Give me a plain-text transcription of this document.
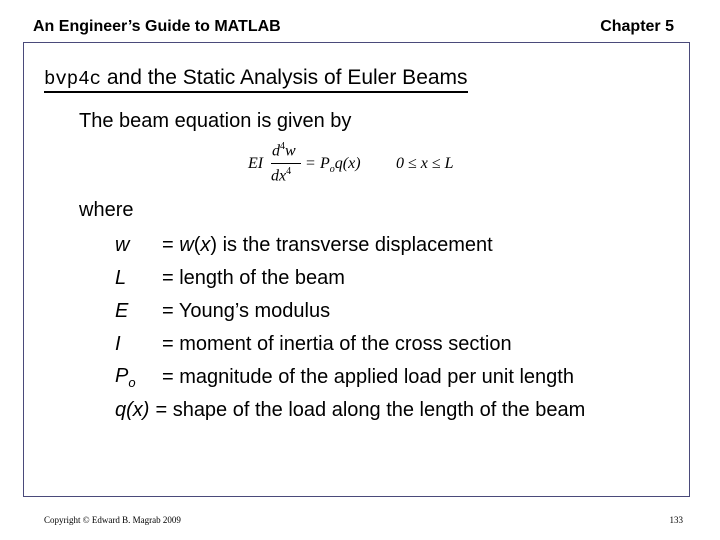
An Engineer’s Guide to MATLAB	Chapter 5
bvp4c and the Static Analysis of Euler Beams
The beam equation is given by
EI
$d^4w$
$dx^4 = P_oq(x) 0 \le x \le L$
where
w	= w(x) is the transverse displacement
L	= length of the beam
E	= Young’s modulus
I	= moment of inertia of the cross section
$P_o$	= magnitude of the applied load per unit length
q(x) = shape of the load along the length of the beam
Copyright © Edward B. Magrab 2009	133
